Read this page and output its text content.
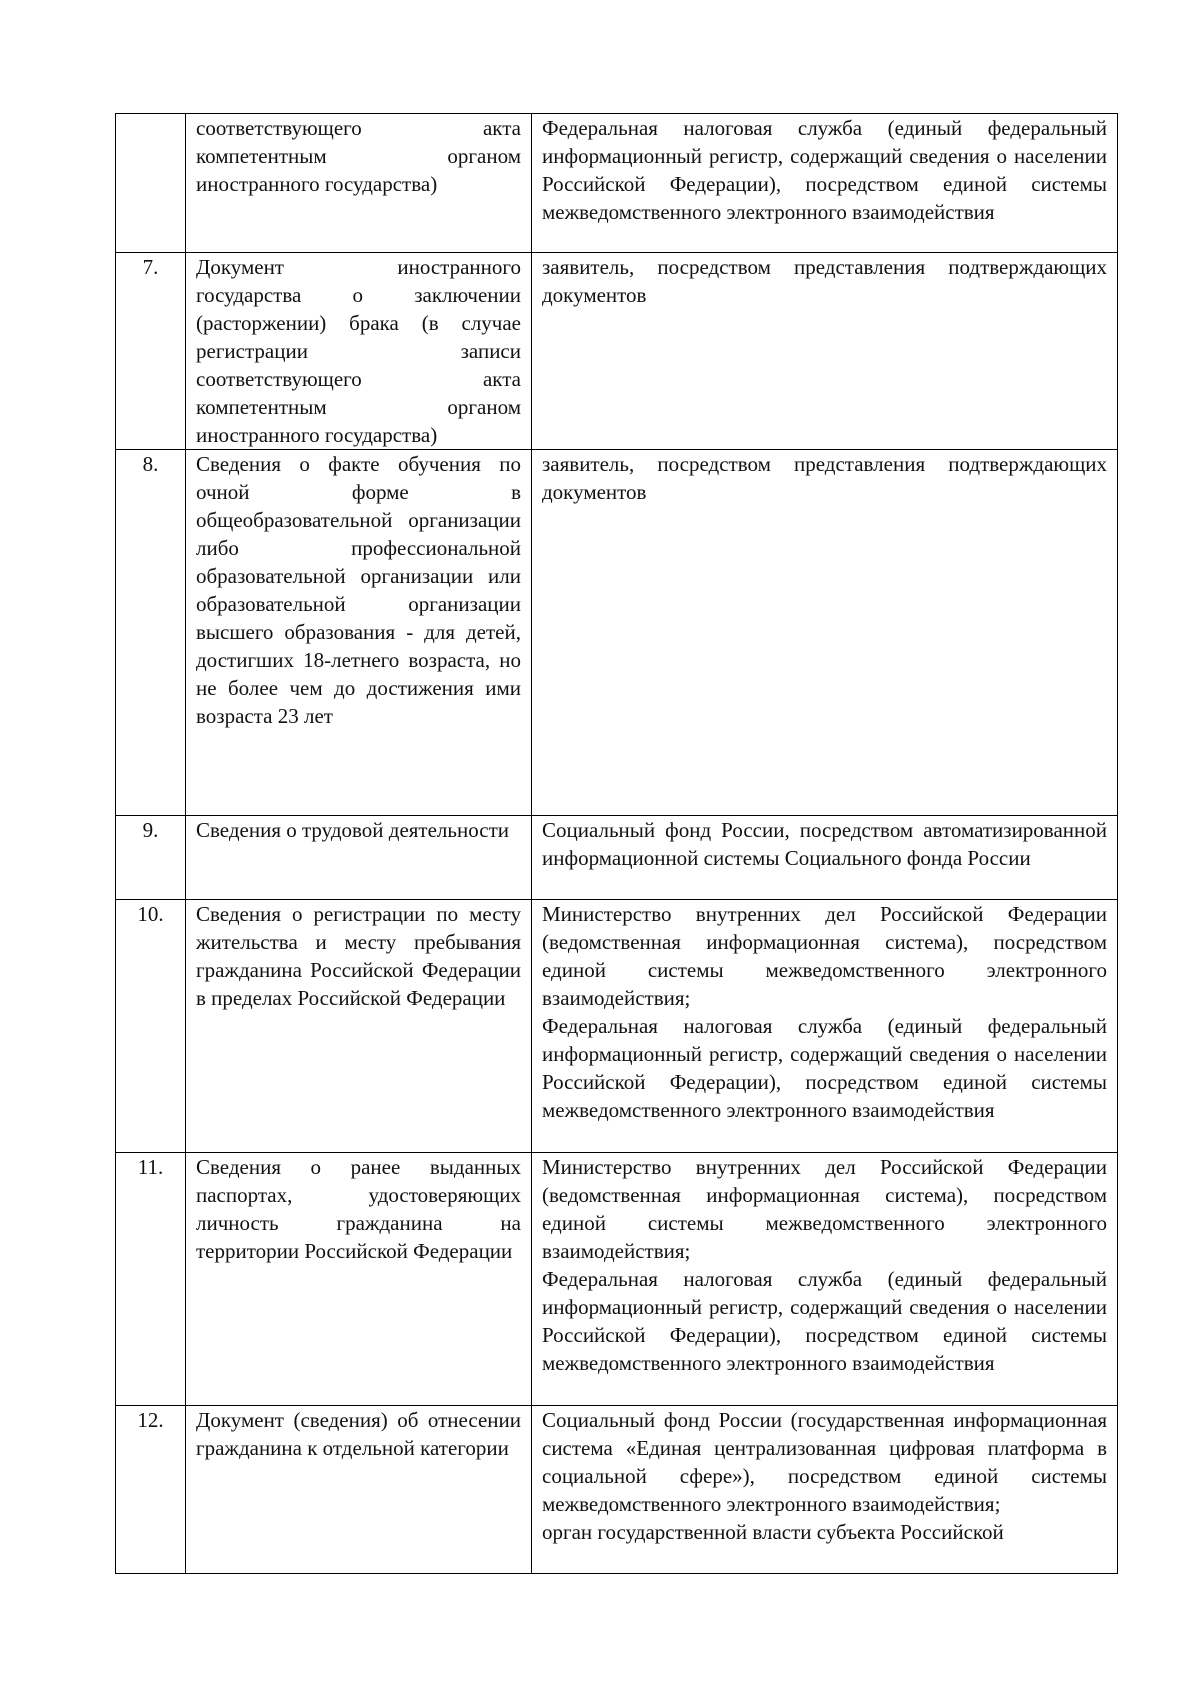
	соответствующего акта компетентным органом иностранного государства)	Федеральная налоговая служба (единый федеральный информационный регистр, содержащий сведения о населении Российской Федерации), посредством единой системы межведомственного электронного взаимодействия

7.	Документ иностранного государства о заключении (расторжении) брака (в случае регистрации записи соответствующего акта компетентным органом иностранного государства)	заявитель, посредством представления подтверждающих документов

8.	Сведения о факте обучения по очной форме в общеобразовательной организации либо профессиональной образовательной организации или образовательной организации высшего образования - для детей, достигших 18-летнего возраста, но не более чем до достижения ими возраста 23 лет	заявитель, посредством представления подтверждающих документов

9.	Сведения о трудовой деятельности	Социальный фонд России, посредством автоматизированной информационной системы Социального фонда России

10.	Сведения о регистрации по месту жительства и месту пребывания гражданина Российской Федерации в пределах Российской Федерации	Министерство внутренних дел Российской Федерации (ведомственная информационная система), посредством единой системы межведомственного электронного взаимодействия;
Федеральная налоговая служба (единый федеральный информационный регистр, содержащий сведения о населении Российской Федерации), посредством единой системы межведомственного электронного взаимодействия

11.	Сведения о ранее выданных паспортах, удостоверяющих личность гражданина на территории Российской Федерации	Министерство внутренних дел Российской Федерации (ведомственная информационная система), посредством единой системы межведомственного электронного взаимодействия;
Федеральная налоговая служба (единый федеральный информационный регистр, содержащий сведения о населении Российской Федерации), посредством единой системы межведомственного электронного взаимодействия

12.	Документ (сведения) об отнесении гражданина к отдельной категории	Социальный фонд России (государственная информационная система «Единая централизованная цифровая платформа в социальной сфере»), посредством единой системы межведомственного электронного взаимодействия;
орган государственной власти субъекта Российской
